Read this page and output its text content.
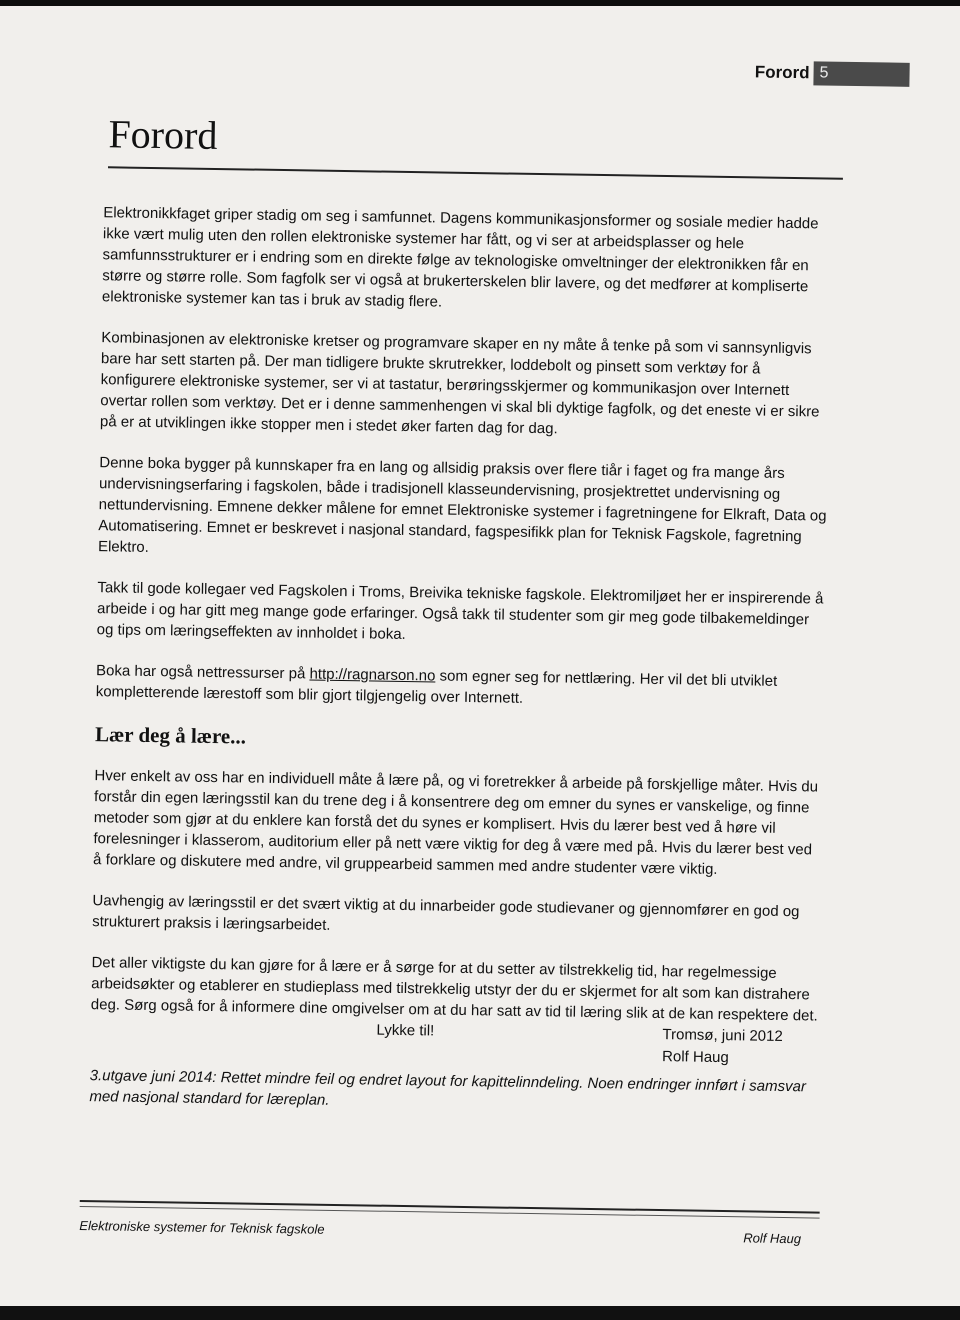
Forord 5
Forord

Elektronikkfaget griper stadig om seg i samfunnet. Dagens kommunikasjonsformer og sosiale medier hadde ikke vært mulig uten den rollen elektroniske systemer har fått, og vi ser at arbeidsplasser og hele samfunnsstrukturer er i endring som en direkte følge av teknologiske omveltninger der elektronikken får en større og større rolle. Som fagfolk ser vi også at brukerterskelen blir lavere, og det medfører at kompliserte elektroniske systemer kan tas i bruk av stadig flere.

Kombinasjonen av elektroniske kretser og programvare skaper en ny måte å tenke på som vi sannsynligvis bare har sett starten på. Der man tidligere brukte skrutrekker, loddebolt og pinsett som verktøy for å konfigurere elektroniske systemer, ser vi at tastatur, berøringsskjermer og kommunikasjon over Internett overtar rollen som verktøy. Det er i denne sammenhengen vi skal bli dyktige fagfolk, og det eneste vi er sikre på er at utviklingen ikke stopper men i stedet øker farten dag for dag.

Denne boka bygger på kunnskaper fra en lang og allsidig praksis over flere tiår i faget og fra mange års undervisningserfaring i fagskolen, både i tradisjonell klasseundervisning, prosjektrettet undervisning og nettundervisning. Emnene dekker målene for emnet Elektroniske systemer i fagretningene for Elkraft, Data og Automatisering. Emnet er beskrevet i nasjonal standard, fagspesifikk plan for Teknisk Fagskole, fagretning Elektro.

Takk til gode kollegaer ved Fagskolen i Troms, Breivika tekniske fagskole. Elektromiljøet her er inspirerende å arbeide i og har gitt meg mange gode erfaringer. Også takk til studenter som gir meg gode tilbakemeldinger og tips om læringseffekten av innholdet i boka.

Boka har også nettressurser på http://ragnarson.no som egner seg for nettlæring. Her vil det bli utviklet kompletterende lærestoff som blir gjort tilgjengelig over Internett.

Lær deg å lære...

Hver enkelt av oss har en individuell måte å lære på, og vi foretrekker å arbeide på forskjellige måter. Hvis du forstår din egen læringsstil kan du trene deg i å konsentrere deg om emner du synes er vanskelige, og finne metoder som gjør at du enklere kan forstå det du synes er komplisert. Hvis du lærer best ved å høre vil forelesninger i klasserom, auditorium eller på nett være viktig for deg å være med på. Hvis du lærer best ved å forklare og diskutere med andre, vil gruppearbeid sammen med andre studenter være viktig.

Uavhengig av læringsstil er det svært viktig at du innarbeider gode studievaner og gjennomfører en god og strukturert praksis i læringsarbeidet.

Det aller viktigste du kan gjøre for å lære er å sørge for at du setter av tilstrekkelig tid, har regelmessige arbeidsøkter og etablerer en studieplass med tilstrekkelig utstyr der du er skjermet for alt som kan distrahere deg. Sørg også for å informere dine omgivelser om at du har satt av tid til læring slik at de kan respektere det.

Lykke til!	Tromsø, juni 2012
Rolf Haug

3.utgave juni 2014: Rettet mindre feil og endret layout for kapittelinndeling. Noen endringer innført i samsvar med nasjonal standard for læreplan.

Elektroniske systemer for Teknisk fagskole
Rolf Haug
